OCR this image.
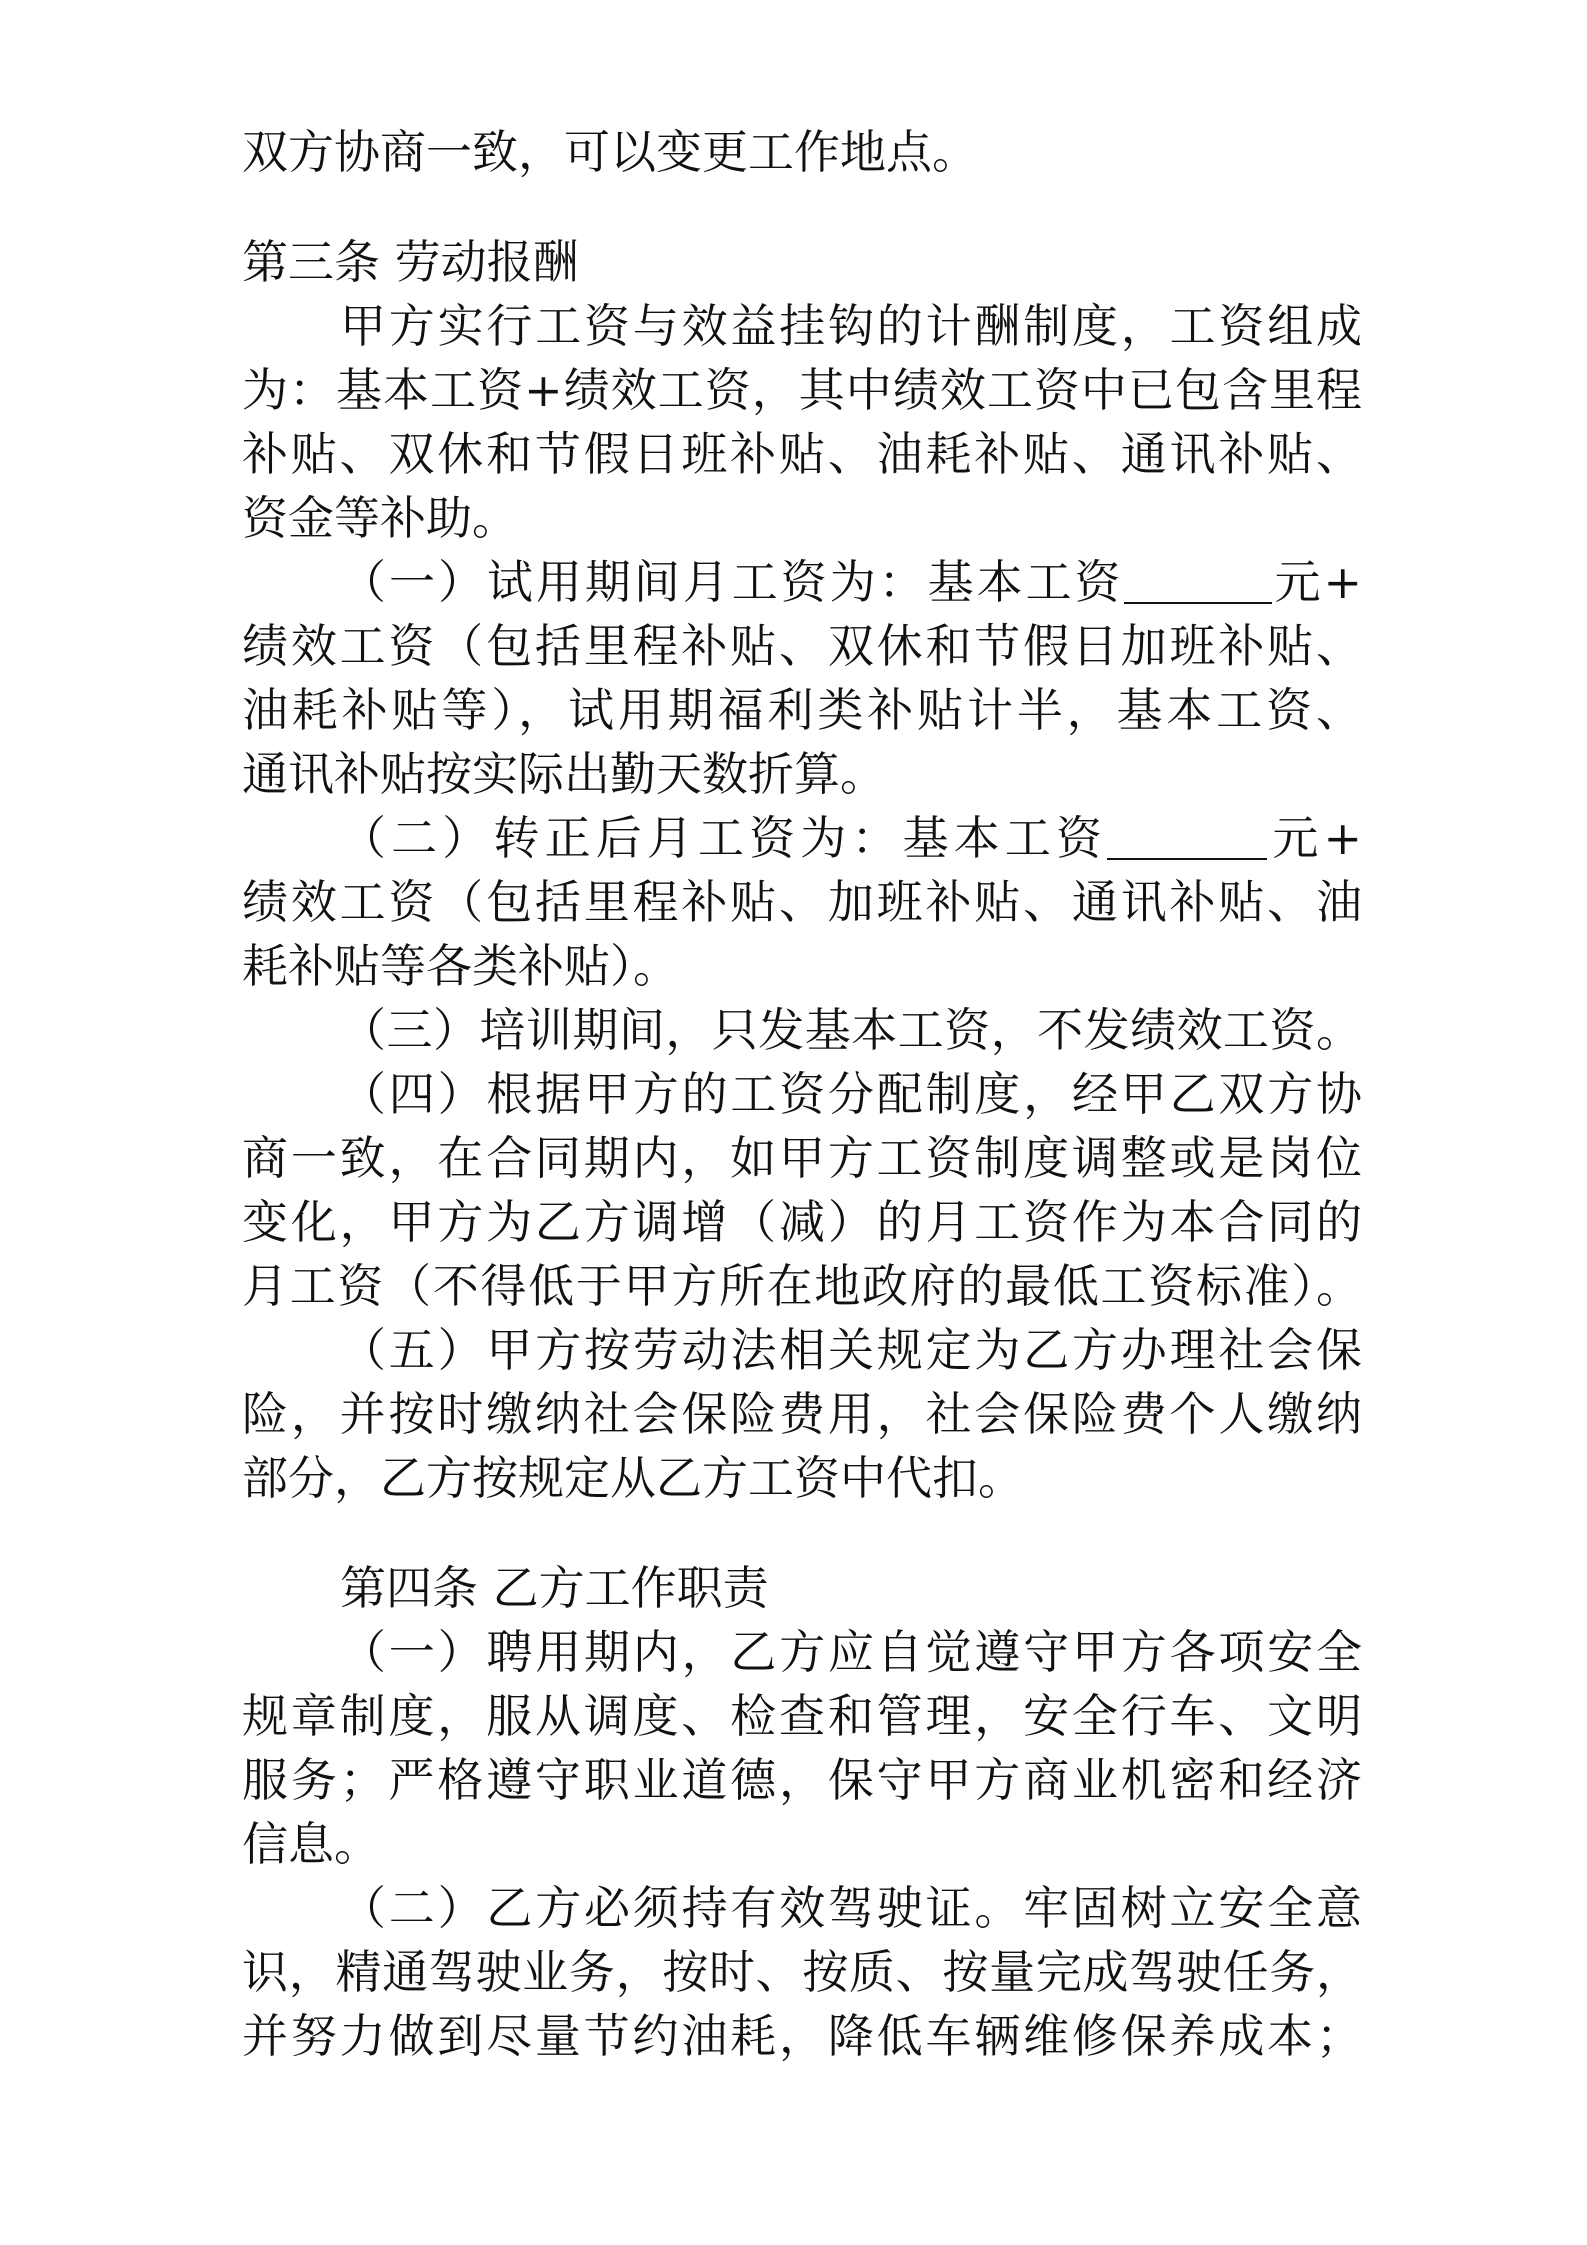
双方协商一致，可以变更工作地点。
第三条 劳动报酬
甲方实行工资与效益挂钩的计酬制度，工资组成
为：基本工资+绩效工资，其中绩效工资中已包含里程
补贴、双休和节假日班补贴、油耗补贴、通讯补贴、
资金等补助。
（一）试用期间月工资为：基本工资	元+
绩效工资（包括里程补贴、双休和节假日加班补贴、
油耗补贴等），试用期福利类补贴计半，基本工资、
通讯补贴按实际出勤天数折算。
（二）转正后月工资为：基本工资	元+
绩效工资（包括里程补贴、加班补贴、通讯补贴、油
耗补贴等各类补贴）。
（三）培训期间，只发基本工资，不发绩效工资。
（四）根据甲方的工资分配制度，经甲乙双方协
商一致，在合同期内，如甲方工资制度调整或是岗位
变化，甲方为乙方调增（减）的月工资作为本合同的
月工资（不得低于甲方所在地政府的最低工资标准）。
（五）甲方按劳动法相关规定为乙方办理社会保
险，并按时缴纳社会保险费用，社会保险费个人缴纳
部分，乙方按规定从乙方工资中代扣。
第四条 乙方工作职责
（一）聘用期内，乙方应自觉遵守甲方各项安全
规章制度，服从调度、检查和管理，安全行车、文明
服务；严格遵守职业道德，保守甲方商业机密和经济
信息。
（二）乙方必须持有效驾驶证。牢固树立安全意
识，精通驾驶业务，按时、按质、按量完成驾驶任务，
并努力做到尽量节约油耗，降低车辆维修保养成本；
